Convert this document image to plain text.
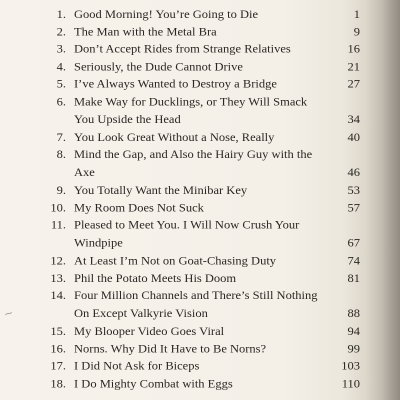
1. Good Morning! You’re Going to Die	1
2. The Man with the Metal Bra	9
3. Don’t Accept Rides from Strange Relatives	16
4. Seriously, the Dude Cannot Drive	21
5. I’ve Always Wanted to Destroy a Bridge	27
6. Make Way for Ducklings, or They Will Smack You Upside the Head	34
7. You Look Great Without a Nose, Really	40
8. Mind the Gap, and Also the Hairy Guy with the Axe	46
9. You Totally Want the Minibar Key	53
10. My Room Does Not Suck	57
11. Pleased to Meet You. I Will Now Crush Your Windpipe	67
12. At Least I’m Not on Goat-Chasing Duty	74
13. Phil the Potato Meets His Doom	81
14. Four Million Channels and There’s Still Nothing On Except Valkyrie Vision	88
15. My Blooper Video Goes Viral	94
16. Norns. Why Did It Have to Be Norns?	99
17. I Did Not Ask for Biceps	103
18. I Do Mighty Combat with Eggs	110
~
